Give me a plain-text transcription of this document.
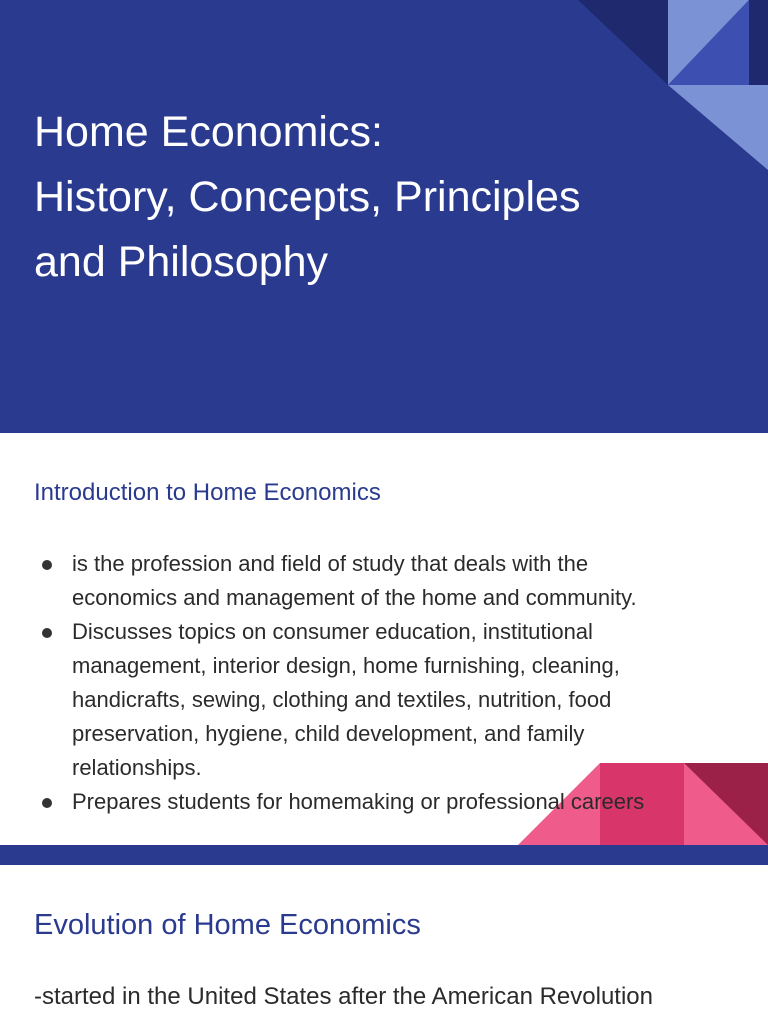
Home Economics:
History, Concepts, Principles
and Philosophy
Introduction to Home Economics
is the profession and field of study that deals with the
economics and management of the home and community.
Discusses topics on consumer education, institutional
management, interior design, home furnishing, cleaning,
handicrafts, sewing, clothing and textiles, nutrition, food
preservation, hygiene, child development, and family
relationships.
Prepares students for homemaking or professional careers
Evolution of Home Economics

-started in the United States after the American Revolution
